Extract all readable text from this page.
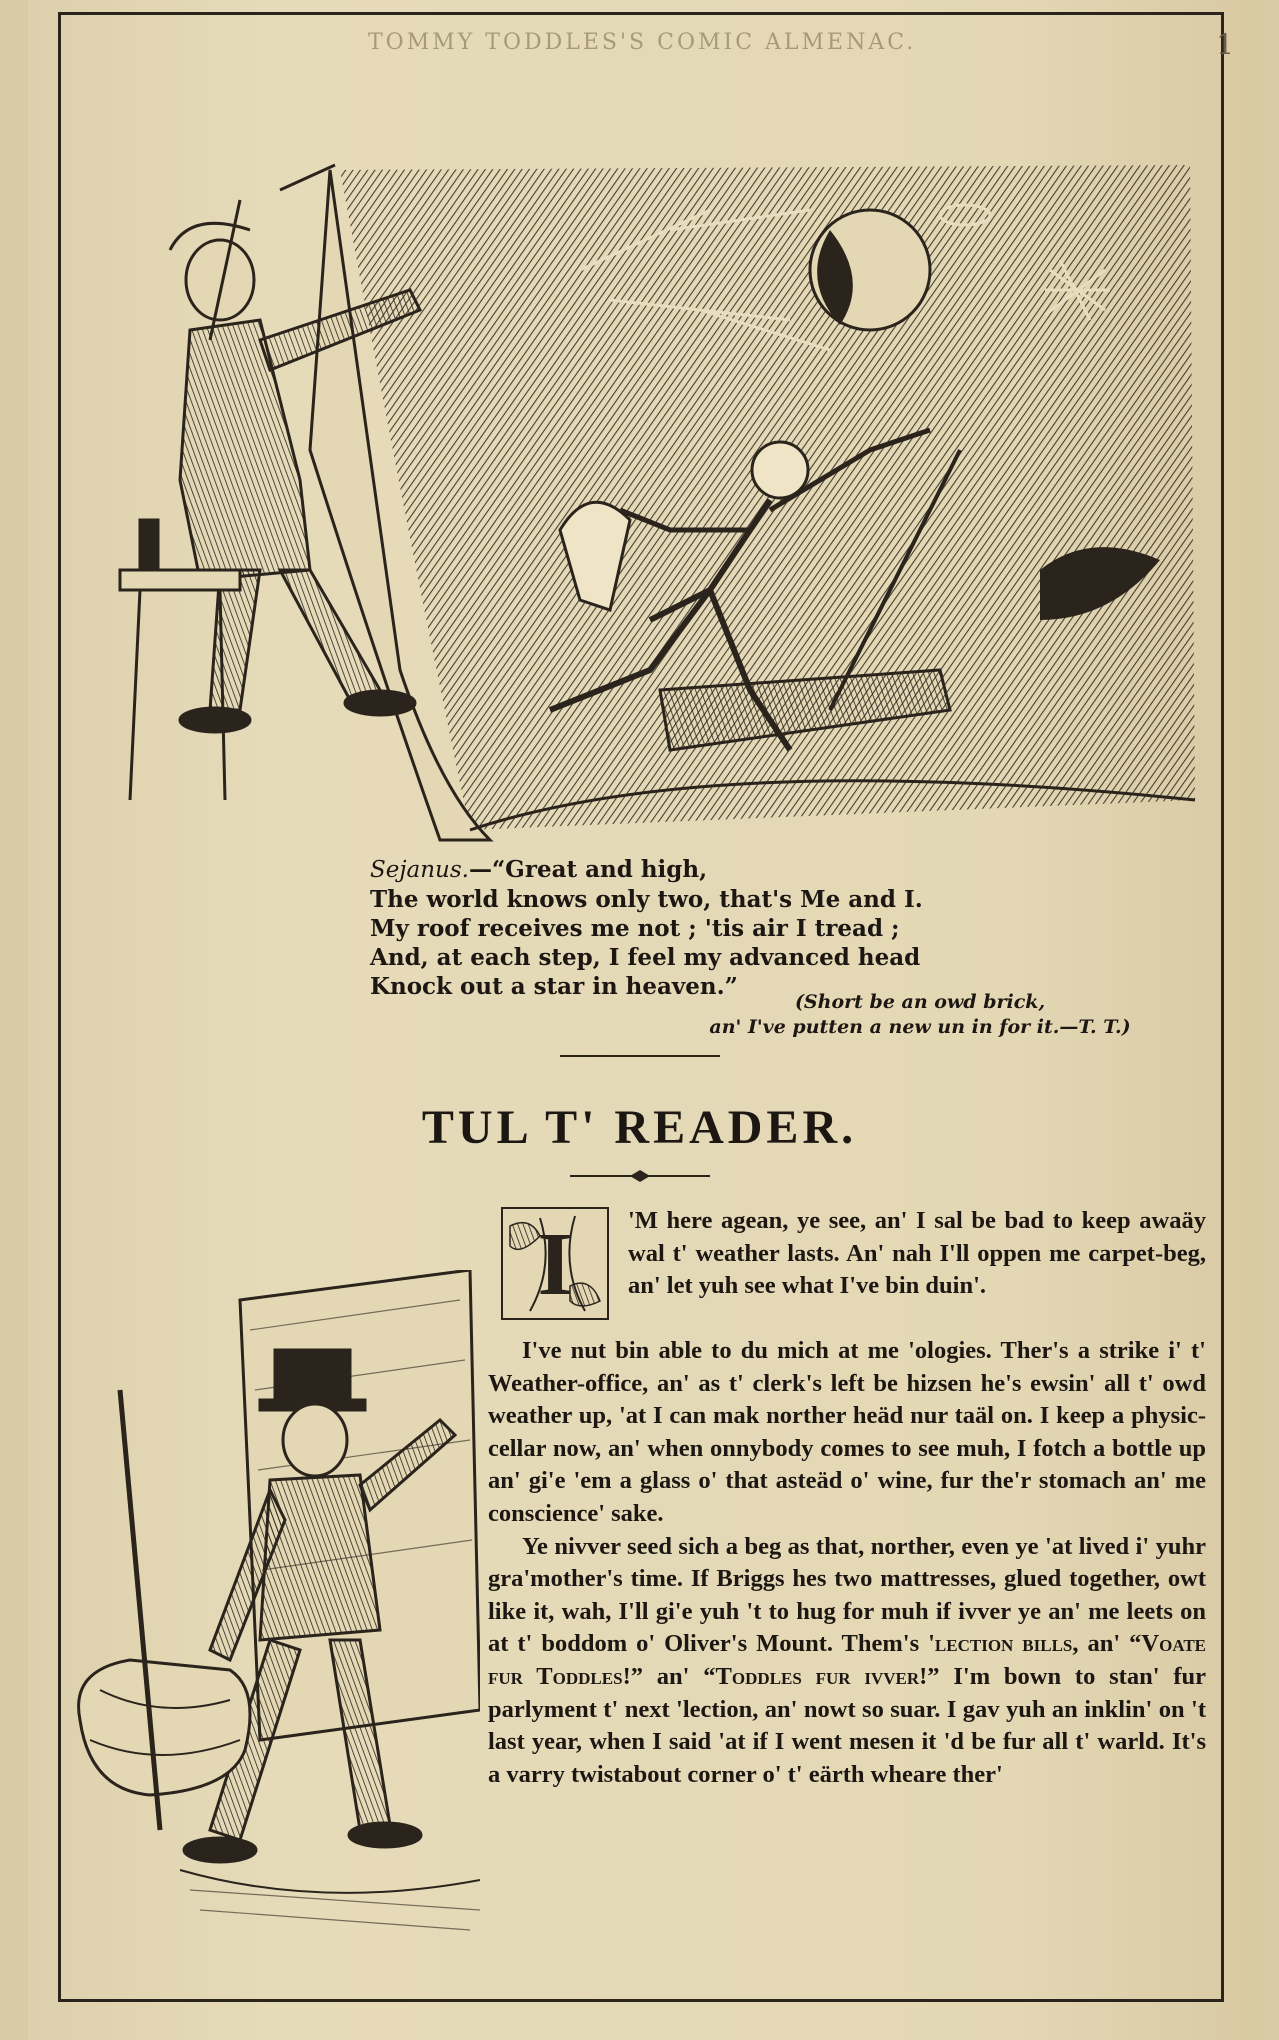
TOMMY TODDLES'S COMIC ALMENAC.	1
Sejanus.—“Great and high,
The world knows only two, that's Me and I.
My roof receives me not ; 'tis air I tread ;
And, at each step, I feel my advanced head
Knock out a star in heaven.”
(Short be an owd brick,
an' I've putten a new un in for it.—T. T.)
TUL T' READER.
I 'M here agean, ye see, an' I sal be bad to keep awaäy wal t' weather lasts. An' nah I'll oppen me carpet-beg, an' let yuh see what I've bin duin'.

I've nut bin able to du mich at me 'ologies. Ther's a strike i' t' Weather-office, an' as t' clerk's left be hizsen he's ewsin' all t' owd weather up, 'at I can mak norther heäd nur taäl on. I keep a physic-cellar now, an' when onnybody comes to see muh, I fotch a bottle up an' gi'e 'em a glass o' that asteäd o' wine, fur the'r stomach an' me conscience' sake.

Ye nivver seed sich a beg as that, norther, even ye 'at lived i' yuhr gra'mother's time. If Briggs hes two mattresses, glued together, owt like it, wah, I'll gi'e yuh 't to hug for muh if ivver ye an' me leets on at t' boddom o' Oliver's Mount. Them's 'lection bills, an' “Voate fur Toddles!” an' “Toddles fur ivver!” I'm bown to stan' fur parlyment t' next 'lection, an' nowt so suar. I gav yuh an inklin' on 't last year, when I said 'at if I went mesen it 'd be fur all t' warld. It's a varry twistabout corner o' t' eärth wheare ther'
